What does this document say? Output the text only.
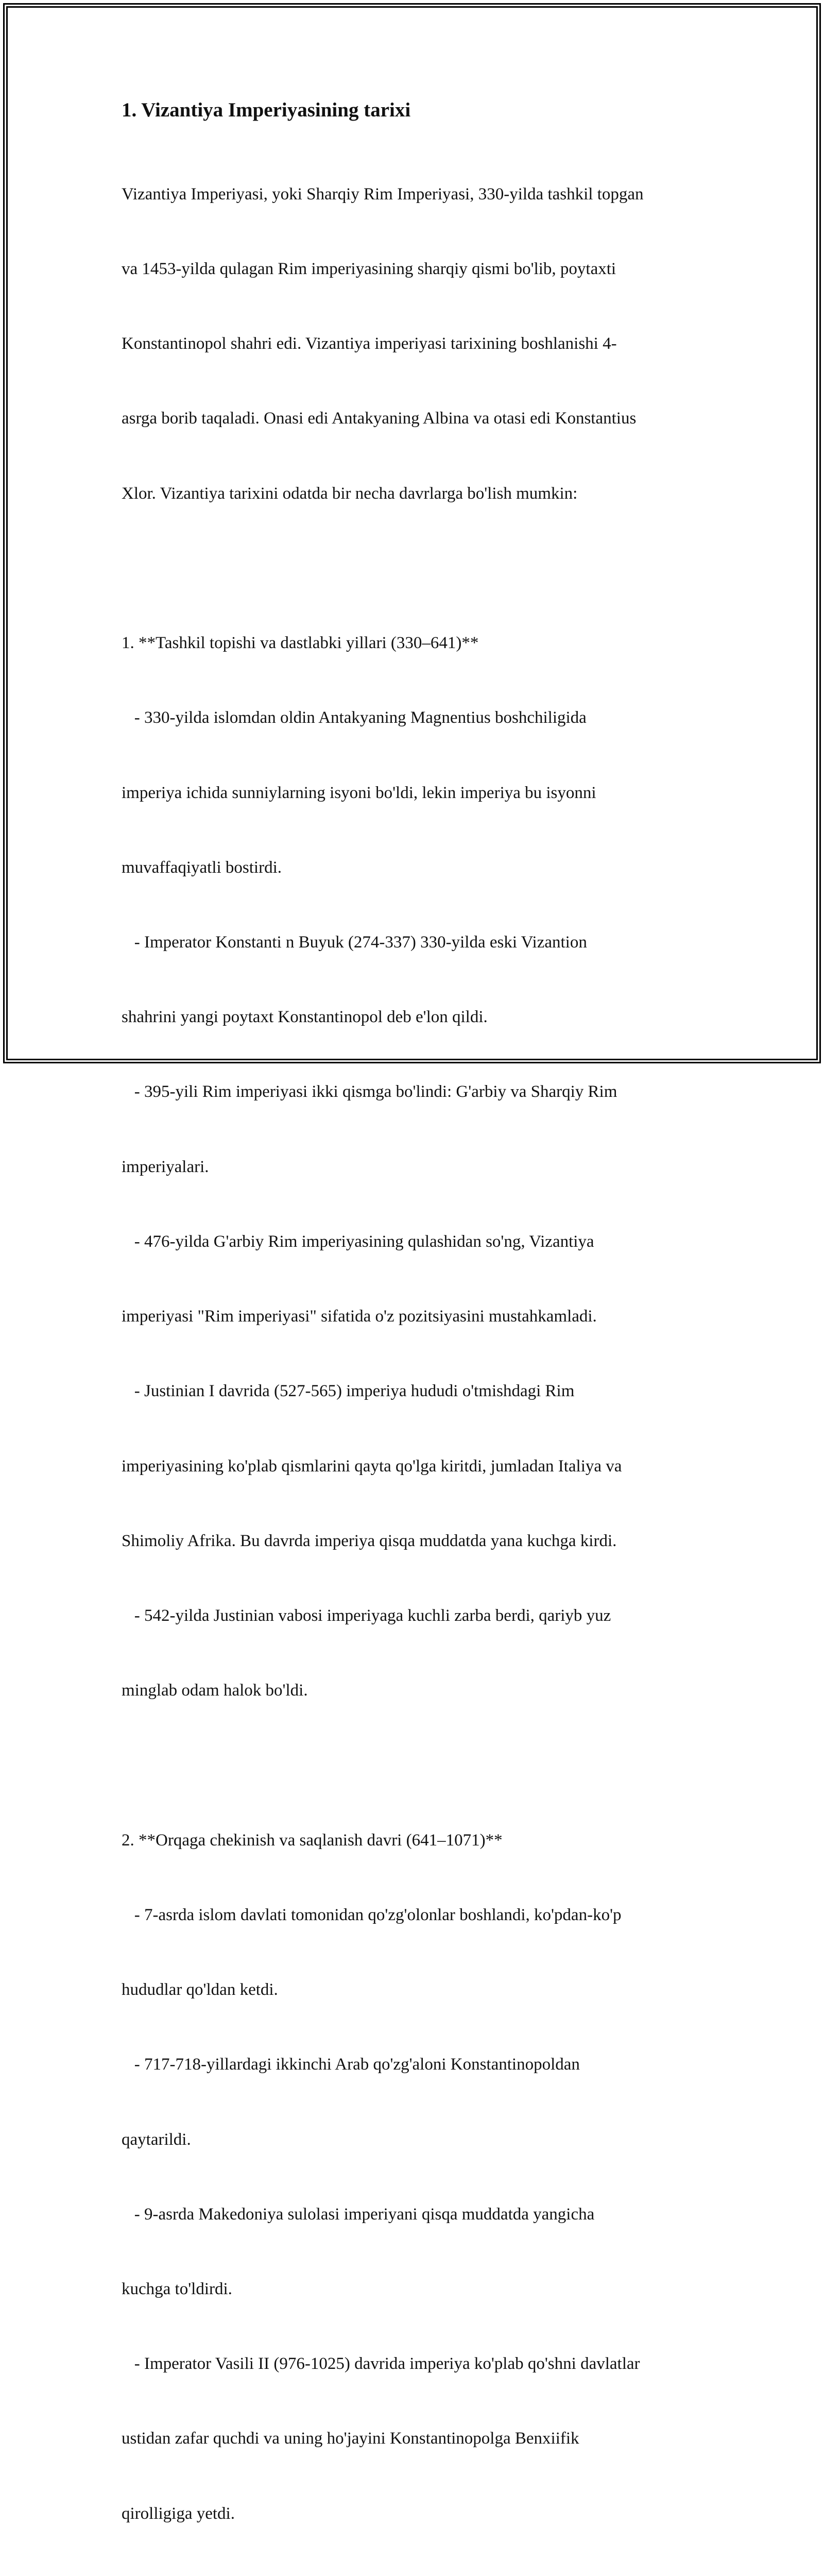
1. Vizantiya Imperiyasining tarixi

Vizantiya Imperiyasi, yoki Sharqiy Rim Imperiyasi, 330-yilda tashkil topgan

va 1453-yilda qulagan Rim imperiyasining sharqiy qismi bo'lib, poytaxti

Konstantinopol shahri edi. Vizantiya imperiyasi tarixining boshlanishi 4-

asrga borib taqaladi. Onasi edi Antakyaning Albina va otasi edi Konstantius

Xlor. Vizantiya tarixini odatda bir necha davrlarga bo'lish mumkin:

1. **Tashkil topishi va dastlabki yillari (330–641)**

- 330-yilda islomdan oldin Antakyaning Magnentius boshchiligida

imperiya ichida sunniylarning isyoni bo'ldi, lekin imperiya bu isyonni

muvaffaqiyatli bostirdi.

- Imperator Konstanti n Buyuk (274-337) 330-yilda eski Vizantion

shahrini yangi poytaxt Konstantinopol deb e'lon qildi.

- 395-yili Rim imperiyasi ikki qismga bo'lindi: G'arbiy va Sharqiy Rim

imperiyalari.

- 476-yilda G'arbiy Rim imperiyasining qulashidan so'ng, Vizantiya

imperiyasi "Rim imperiyasi" sifatida o'z pozitsiyasini mustahkamladi.

- Justinian I davrida (527-565) imperiya hududi o'tmishdagi Rim

imperiyasining ko'plab qismlarini qayta qo'lga kiritdi, jumladan Italiya va

Shimoliy Afrika. Bu davrda imperiya qisqa muddatda yana kuchga kirdi.

- 542-yilda Justinian vabosi imperiyaga kuchli zarba berdi, qariyb yuz

minglab odam halok bo'ldi.

2. **Orqaga chekinish va saqlanish davri (641–1071)**

- 7-asrda islom davlati tomonidan qo'zg'olonlar boshlandi, ko'pdan-ko'p

hududlar qo'ldan ketdi.

- 717-718-yillardagi ikkinchi Arab qo'zg'aloni Konstantinopoldan

qaytarildi.

- 9-asrda Makedoniya sulolasi imperiyani qisqa muddatda yangicha

kuchga to'ldirdi.

- Imperator Vasili II (976-1025) davrida imperiya ko'plab qo'shni davlatlar

ustidan zafar quchdi va uning ho'jayini Konstantinopolga Benxiifik

qirolligiga yetdi.
